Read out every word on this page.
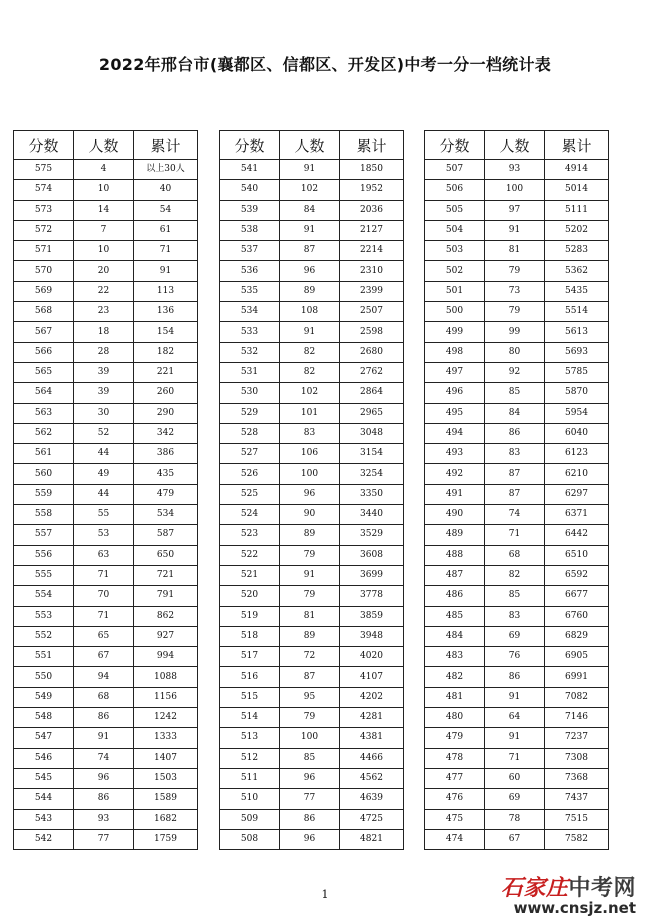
2022年邢台市(襄都区、信都区、开发区)中考一分一档统计表
分数	人数	累计
575	4	以上30人
574	10	40
573	14	54
572	7	61
571	10	71
570	20	91
569	22	113
568	23	136
567	18	154
566	28	182
565	39	221
564	39	260
563	30	290
562	52	342
561	44	386
560	49	435
559	44	479
558	55	534
557	53	587
556	63	650
555	71	721
554	70	791
553	71	862
552	65	927
551	67	994
550	94	1088
549	68	1156
548	86	1242
547	91	1333
546	74	1407
545	96	1503
544	86	1589
543	93	1682
542	77	1759
分数	人数	累计
541	91	1850
540	102	1952
539	84	2036
538	91	2127
537	87	2214
536	96	2310
535	89	2399
534	108	2507
533	91	2598
532	82	2680
531	82	2762
530	102	2864
529	101	2965
528	83	3048
527	106	3154
526	100	3254
525	96	3350
524	90	3440
523	89	3529
522	79	3608
521	91	3699
520	79	3778
519	81	3859
518	89	3948
517	72	4020
516	87	4107
515	95	4202
514	79	4281
513	100	4381
512	85	4466
511	96	4562
510	77	4639
509	86	4725
508	96	4821
分数	人数	累计
507	93	4914
506	100	5014
505	97	5111
504	91	5202
503	81	5283
502	79	5362
501	73	5435
500	79	5514
499	99	5613
498	80	5693
497	92	5785
496	85	5870
495	84	5954
494	86	6040
493	83	6123
492	87	6210
491	87	6297
490	74	6371
489	71	6442
488	68	6510
487	82	6592
486	85	6677
485	83	6760
484	69	6829
483	76	6905
482	86	6991
481	91	7082
480	64	7146
479	91	7237
478	71	7308
477	60	7368
476	69	7437
475	78	7515
474	67	7582
1	石家庄中考网
www.cnsjz.net
